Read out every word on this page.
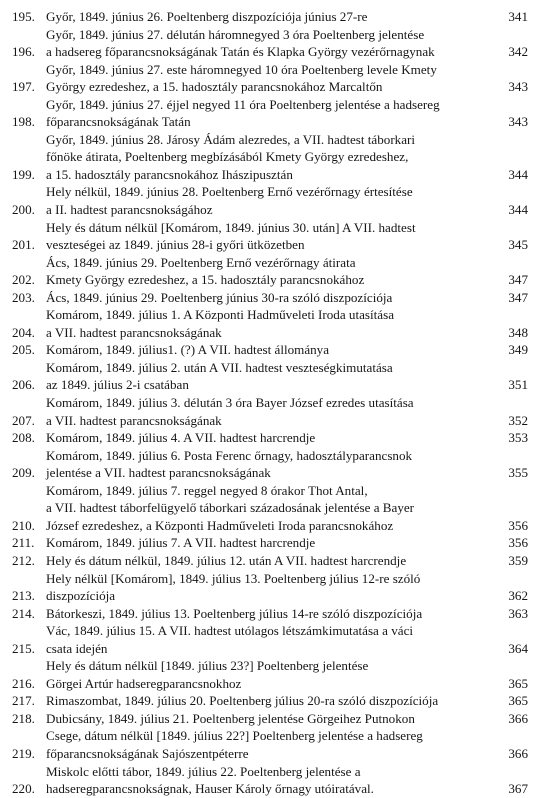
195. Győr, 1849. június 26. Poeltenberg diszpozíciója június 27-re	341
196.
Győr, 1849. június 27. délután háromnegyed 3 óra Poeltenberg jelentése
a hadsereg főparancsnokságának Tatán és Klapka György vezérőrnagynak	342
197.
Győr, 1849. június 27. este háromnegyed 10 óra Poeltenberg levele Kmety
György ezredeshez, a 15. hadosztály parancsnokához Marcaltőn	343
198.
Győr, 1849. június 27. éjjel negyed 11 óra Poeltenberg jelentése a hadsereg
főparancsnokságának Tatán	343
199.
Győr, 1849. június 28. Járosy Ádám alezredes, a VII. hadtest táborkari
főnöke átirata, Poeltenberg megbízásából Kmety György ezredeshez,
a 15. hadosztály parancsnokához Ihászipusztán	344
200.
Hely nélkül, 1849. június 28. Poeltenberg Ernő vezérőrnagy értesítése
a II. hadtest parancsnokságához	344
201.
Hely és dátum nélkül [Komárom, 1849. június 30. után] A VII. hadtest
veszteségei az 1849. június 28-i győri ütközetben	345
202.
Ács, 1849. június 29. Poeltenberg Ernő vezérőrnagy átirata
Kmety György ezredeshez, a 15. hadosztály parancsnokához	347
203. Ács, 1849. június 29. Poeltenberg június 30-ra szóló diszpozíciója	347
204.
Komárom, 1849. július 1. A Központi Hadműveleti Iroda utasítása
a VII. hadtest parancsnokságának	348
205. Komárom, 1849. július1. (?) A VII. hadtest állománya	349
206.
Komárom, 1849. július 2. után A VII. hadtest veszteségkimutatása
az 1849. július 2-i csatában	351
207.
Komárom, 1849. július 3. délután 3 óra Bayer József ezredes utasítása
a VII. hadtest parancsnokságának	352
208. Komárom, 1849. július 4. A VII. hadtest harcrendje	353
209.
Komárom, 1849. július 6. Posta Ferenc őrnagy, hadosztályparancsnok
jelentése a VII. hadtest parancsnokságának	355
210.
Komárom, 1849. július 7. reggel negyed 8 órakor Thot Antal,
a VII. hadtest táborfelügyelő táborkari századosának jelentése a Bayer
József ezredeshez, a Központi Hadműveleti Iroda parancsnokához	356
211. Komárom, 1849. július 7. A VII. hadtest harcrendje	356
212. Hely és dátum nélkül, 1849. július 12. után A VII. hadtest harcrendje	359
213.
Hely nélkül [Komárom], 1849. július 13. Poeltenberg július 12-re szóló
diszpozíciója	362
214. Bátorkeszi, 1849. július 13. Poeltenberg július 14-re szóló diszpozíciója	363
215.
Vác, 1849. július 15. A VII. hadtest utólagos létszámkimutatása a váci
csata idején	364
216.
Hely és dátum nélkül [1849. július 23?] Poeltenberg jelentése
Görgei Artúr hadseregparancsnokhoz	365
217. Rimaszombat, 1849. július 20. Poeltenberg július 20-ra szóló diszpozíciója	365
218. Dubicsány, 1849. július 21. Poeltenberg jelentése Görgeihez Putnokon	366
219.
Csege, dátum nélkül [1849. július 22?] Poeltenberg jelentése a hadsereg
főparancsnokságának Sajószentpéterre	366
220.
Miskolc előtti tábor, 1849. július 22. Poeltenberg jelentése a
hadseregparancsnokságnak, Hauser Károly őrnagy utóiratával.	367
